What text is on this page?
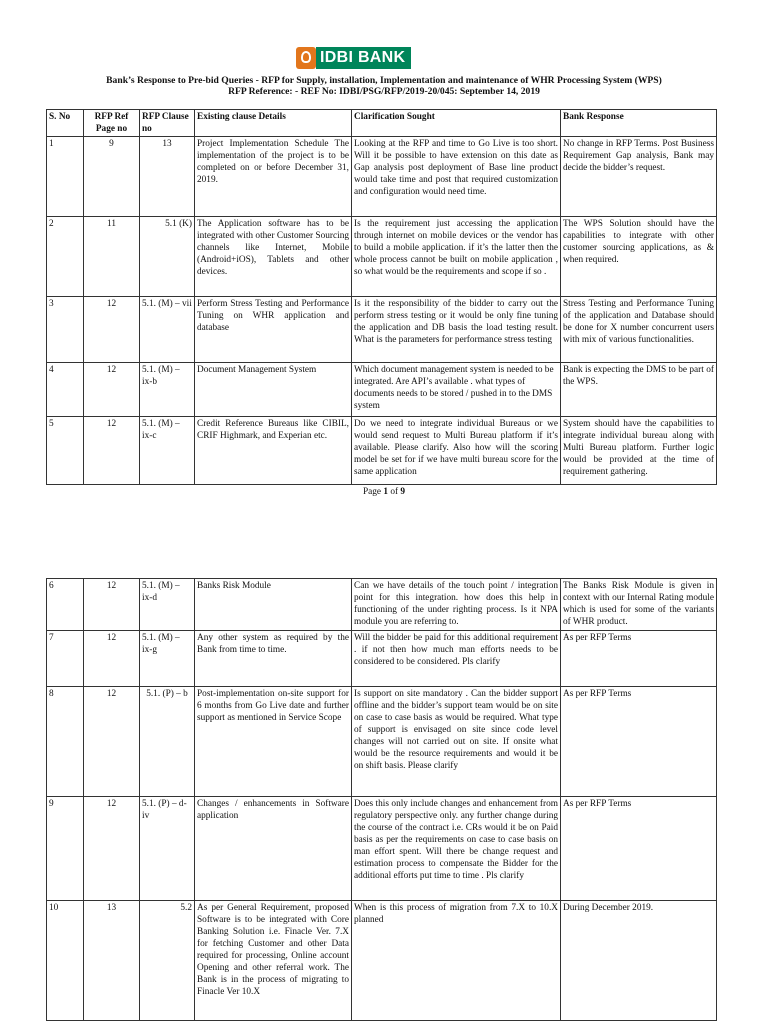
IDBI BANK
Bank’s Response to Pre-bid Queries - RFP for Supply, installation, Implementation and maintenance of WHR Processing System (WPS)
RFP Reference: - REF No: IDBI/PSG/RFP/2019-20/045: September 14, 2019
S. No	RFP Ref Page no	RFP Clause no	Existing clause Details	Clarification Sought	Bank Response
1	9	13	Project Implementation Schedule The implementation of the project is to be completed on or before December 31, 2019.	Looking at the RFP and time to Go Live is too short. Will it be possible to have extension on this date as Gap analysis post deployment of Base line product would take time and post that required customization and configuration would need time.	No change in RFP Terms. Post Business Requirement Gap analysis, Bank may decide the bidder’s request.
2	11	5.1 (K)	The Application software has to be integrated with other Customer Sourcing channels like Internet, Mobile (Android+iOS), Tablets and other devices.	Is the requirement just accessing the application through internet on mobile devices or the vendor has to build a mobile application. if it’s the latter then the whole process cannot be built on mobile application , so what would be the requirements and scope if so .	The WPS Solution should have the capabilities to integrate with other customer sourcing applications, as & when required.
3	12	5.1. (M) – vii	Perform Stress Testing and Performance Tuning on WHR application and database	Is it the responsibility of the bidder to carry out the perform stress testing or it would be only fine tuning the application and DB basis the load testing result. What is the parameters for performance stress testing	Stress Testing and Performance Tuning of the application and Database should be done for X number concurrent users with mix of various functionalities.
4	12	5.1. (M) – ix-b	Document Management System	Which document management system is needed to be integrated. Are API’s available . what types of documents needs to be stored / pushed in to the DMS system	Bank is expecting the DMS to be part of the WPS.
5	12	5.1. (M) – ix-c	Credit Reference Bureaus like CIBIL, CRIF Highmark, and Experian etc.	Do we need to integrate individual Bureaus or we would send request to Multi Bureau platform if it’s available. Please clarify. Also how will the scoring model be set for if we have multi bureau score for the same application	System should have the capabilities to integrate individual bureau along with Multi Bureau platform. Further logic would be provided at the time of requirement gathering.
Page 1 of 9
6	12	5.1. (M) – ix-d	Banks Risk Module	Can we have details of the touch point / integration point for this integration. how does this help in functioning of the under righting process. Is it NPA module you are referring to.	The Banks Risk Module is given in context with our Internal Rating module which is used for some of the variants of WHR product.
7	12	5.1. (M) – ix-g	Any other system as required by the Bank from time to time.	Will the bidder be paid for this additional requirement . if not then how much man efforts needs to be considered to be considered. Pls clarify	As per RFP Terms
8	12	5.1. (P) – b	Post-implementation on-site support for 6 months from Go Live date and further support as mentioned in Service Scope	Is support on site mandatory . Can the bidder support offline and the bidder’s support team would be on site on case to case basis as would be required. What type of support is envisaged on site since code level changes will not carried out on site. If onsite what would be the resource requirements and would it be on shift basis. Please clarify	As per RFP Terms
9	12	5.1. (P) – d-iv	Changes / enhancements in Software application	Does this only include changes and enhancement from regulatory perspective only. any further change during the course of the contract i.e. CRs would it be on Paid basis as per the requirements on case to case basis on man effort spent. Will there be change request and estimation process to compensate the Bidder for the additional efforts put time to time . Pls clarify	As per RFP Terms
10	13	5.2	As per General Requirement, proposed Software is to be integrated with Core Banking Solution i.e. Finacle Ver. 7.X for fetching Customer and other Data required for processing, Online account Opening and other referral work. The Bank is in the process of migrating to Finacle Ver 10.X	When is this process of migration from 7.X to 10.X planned	During December 2019.
